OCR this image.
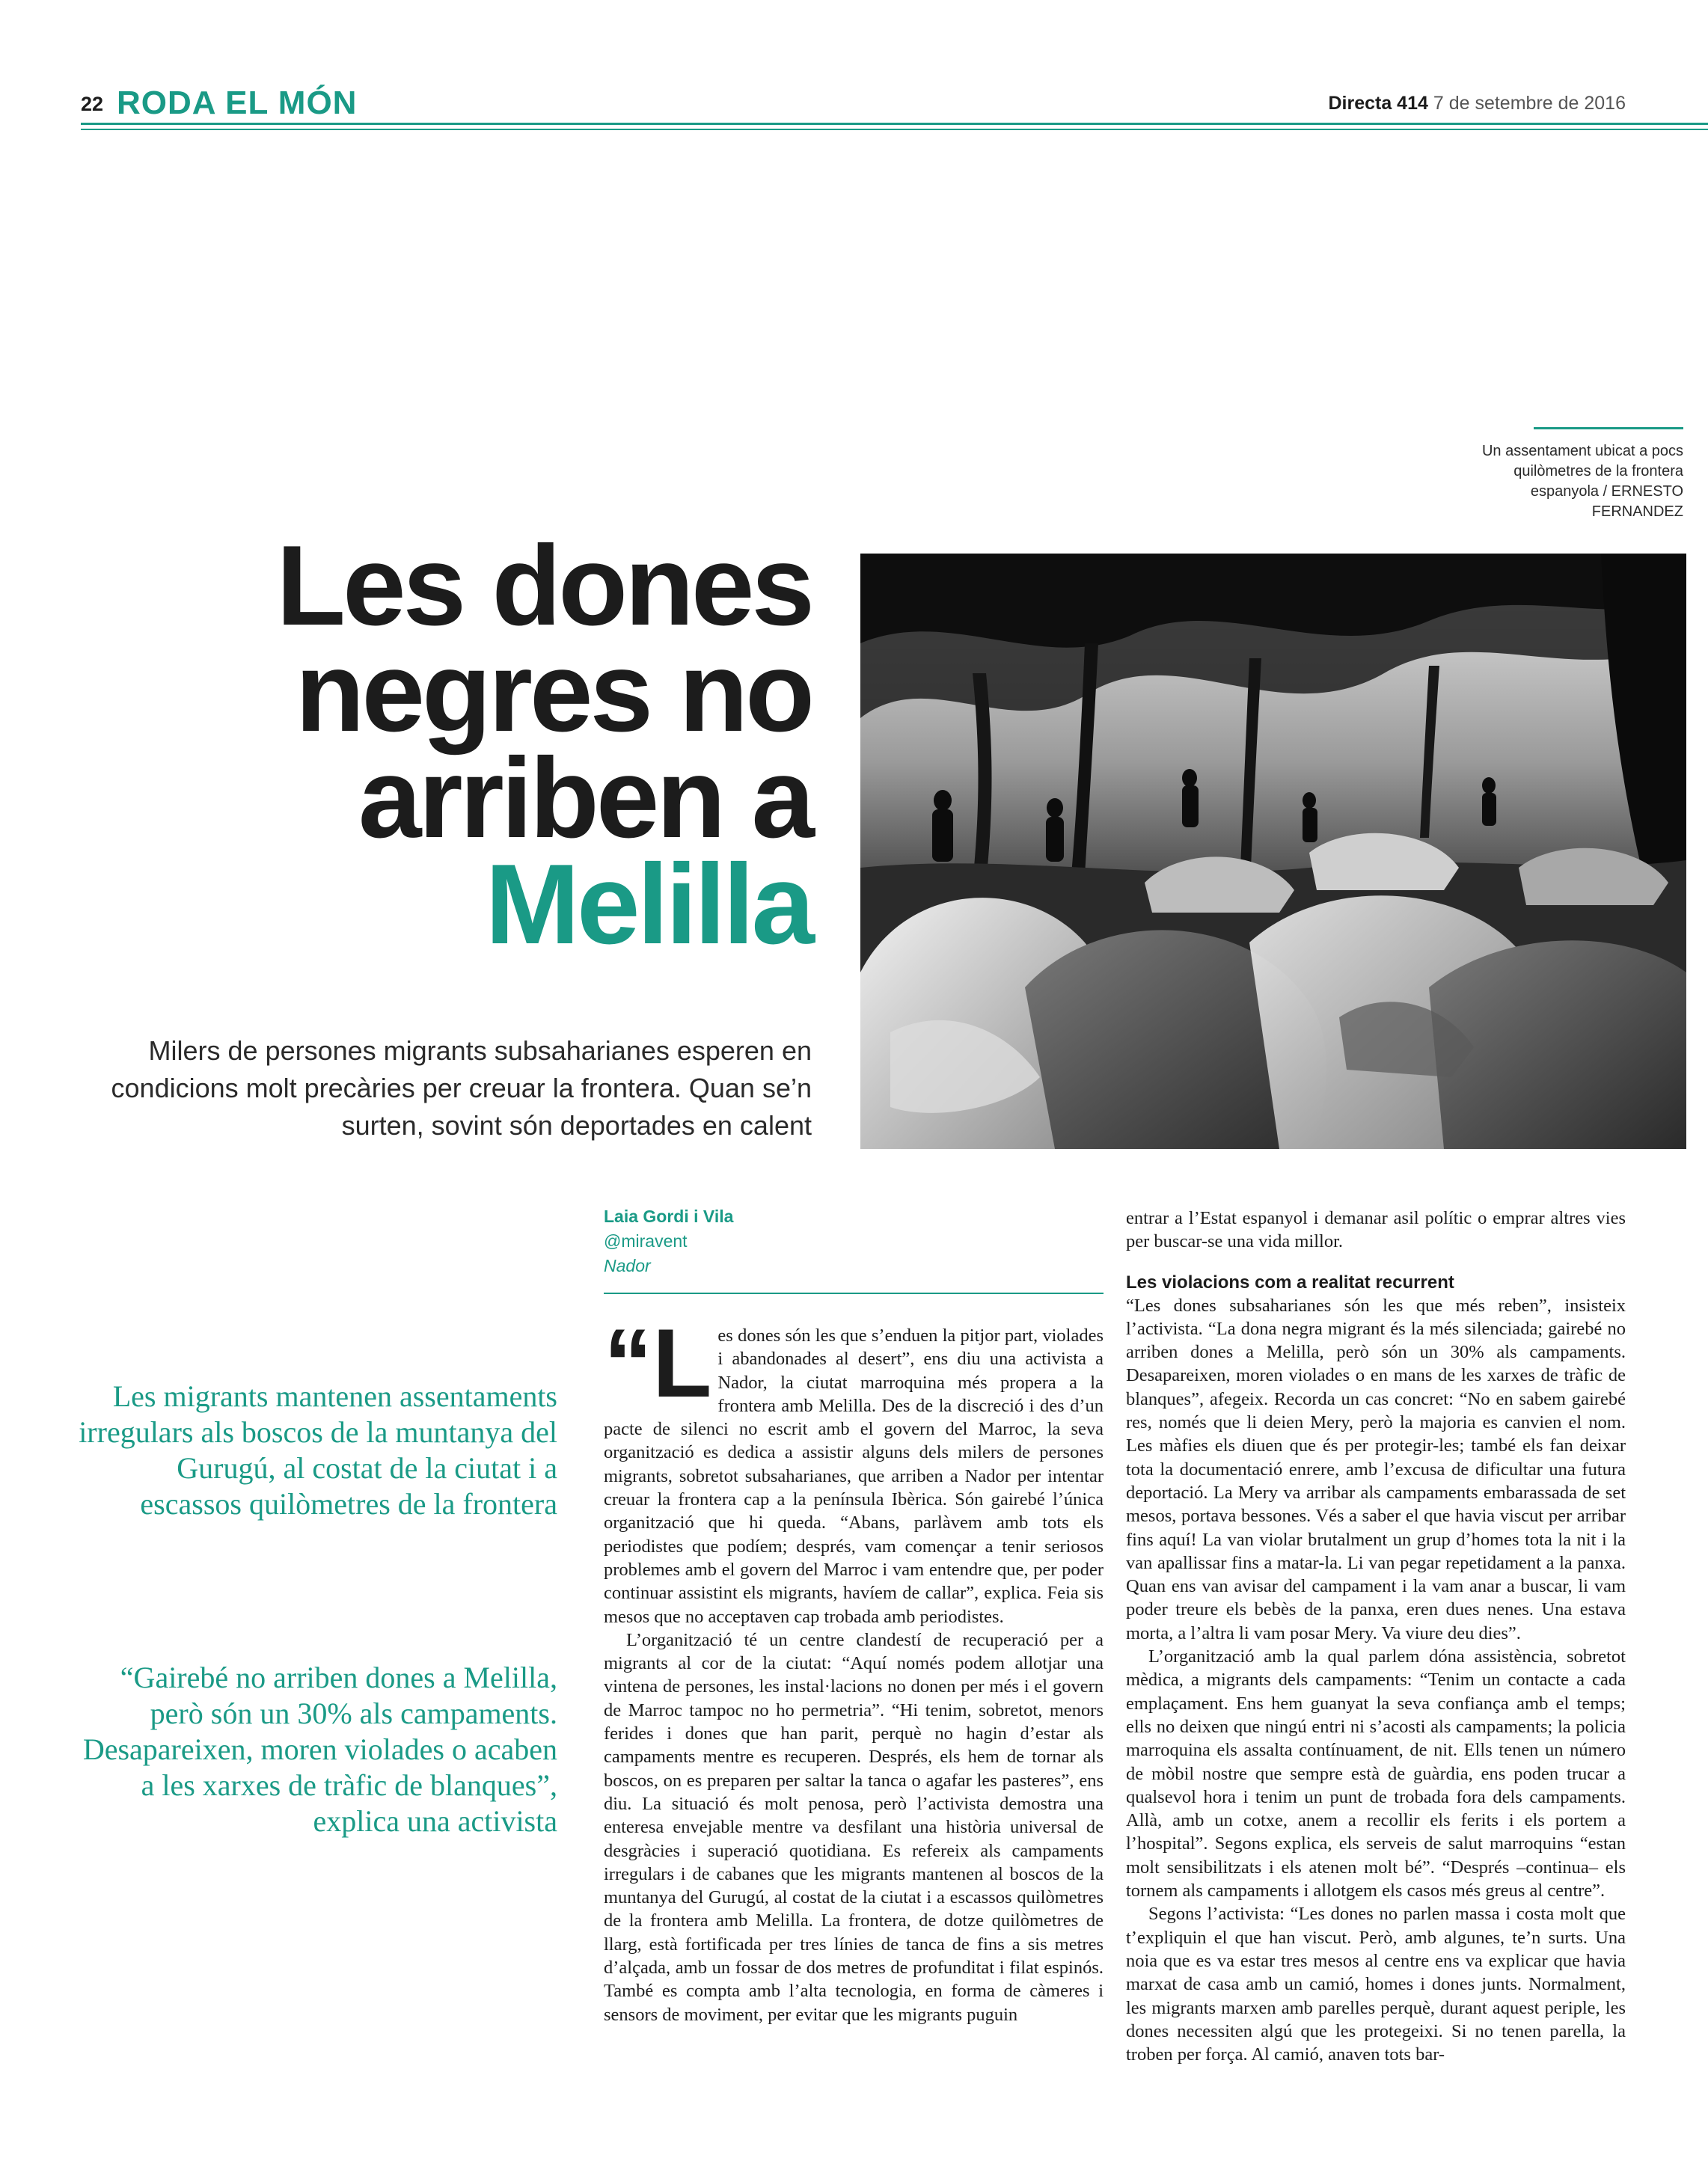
22 RODA EL MÓN	Directa 414 7 de setembre de 2016
Un assentament ubicat a pocs quilòmetres de la frontera espanyola / ERNESTO FERNANDEZ
Les dones
negres no
arriben a
Melilla
Milers de persones migrants subsaharianes esperen en condicions molt precàries per creuar la frontera. Quan se’n surten, sovint són deportades en calent
Laia Gordi i Vila
@miravent
Nador
Les migrants mantenen assentaments irregulars als boscos de la muntanya del Gurugú, al costat de la ciutat i a escassos quilòmetres de la frontera
“Gairebé no arriben dones a Melilla, però són un 30% als campaments. Desapareixen, moren violades o acaben a les xarxes de tràfic de blanques”, explica una activista

“Les dones són les que s’enduen la pitjor part, violades i abandonades al desert”, ens diu una activista a Nador, la ciutat marroquina més propera a la frontera amb Melilla. Des de la discreció i des d’un pacte de silenci no escrit amb el govern del Marroc, la seva organització es dedica a assistir alguns dels milers de persones migrants, sobretot subsaharianes, que arriben a Nador per intentar creuar la frontera cap a la península Ibèrica. Són gairebé l’única organització que hi queda. “Abans, parlàvem amb tots els periodistes que podíem; després, vam començar a tenir seriosos problemes amb el govern del Marroc i vam entendre que, per poder continuar assistint els migrants, havíem de callar”, explica. Feia sis mesos que no acceptaven cap trobada amb periodistes.

L’organització té un centre clandestí de recuperació per a migrants al cor de la ciutat: “Aquí només podem allotjar una vintena de persones, les instal·lacions no donen per més i el govern de Marroc tampoc no ho permetria”. “Hi tenim, sobretot, menors ferides i dones que han parit, perquè no hagin d’estar als campaments mentre es recuperen. Després, els hem de tornar als boscos, on es preparen per saltar la tanca o agafar les pasteres”, ens diu. La situació és molt penosa, però l’activista demostra una enteresa envejable mentre va desfilant una història universal de desgràcies i superació quotidiana. Es refereix als campaments irregulars i de cabanes que les migrants mantenen al boscos de la muntanya del Gurugú, al costat de la ciutat i a escassos quilòmetres de la frontera amb Melilla. La frontera, de dotze quilòmetres de llarg, està fortificada per tres línies de tanca de fins a sis metres d’alçada, amb un fossar de dos metres de profunditat i filat espinós. També es compta amb l’alta tecnologia, en forma de càmeres i sensors de moviment, per evitar que les migrants puguin

entrar a l’Estat espanyol i demanar asil polític o emprar altres vies per buscar-se una vida millor.

Les violacions com a realitat recurrent

“Les dones subsaharianes són les que més reben”, insisteix l’activista. “La dona negra migrant és la més silenciada; gairebé no arriben dones a Melilla, però són un 30% als campaments. Desapareixen, moren violades o en mans de les xarxes de tràfic de blanques”, afegeix. Recorda un cas concret: “No en sabem gairebé res, només que li deien Mery, però la majoria es canvien el nom. Les màfies els diuen que és per protegir-les; també els fan deixar tota la documentació enrere, amb l’excusa de dificultar una futura deportació. La Mery va arribar als campaments embarassada de set mesos, portava bessones. Vés a saber el que havia viscut per arribar fins aquí! La van violar brutalment un grup d’homes tota la nit i la van apallissar fins a matar-la. Li van pegar repetidament a la panxa. Quan ens van avisar del campament i la vam anar a buscar, li vam poder treure els bebès de la panxa, eren dues nenes. Una estava morta, a l’altra li vam posar Mery. Va viure deu dies”.

L’organització amb la qual parlem dóna assistència, sobretot mèdica, a migrants dels campaments: “Tenim un contacte a cada emplaçament. Ens hem guanyat la seva confiança amb el temps; ells no deixen que ningú entri ni s’acosti als campaments; la policia marroquina els assalta contínuament, de nit. Ells tenen un número de mòbil nostre que sempre està de guàrdia, ens poden trucar a qualsevol hora i tenim un punt de trobada fora dels campaments. Allà, amb un cotxe, anem a recollir els ferits i els portem a l’hospital”. Segons explica, els serveis de salut marroquins “estan molt sensibilitzats i els atenen molt bé”. “Després –continua– els tornem als campaments i allotgem els casos més greus al centre”.

Segons l’activista: “Les dones no parlen massa i costa molt que t’expliquin el que han viscut. Però, amb algunes, te’n surts. Una noia que es va estar tres mesos al centre ens va explicar que havia marxat de casa amb un camió, homes i dones junts. Normalment, les migrants marxen amb parelles perquè, durant aquest periple, les dones necessiten algú que les protegeixi. Si no tenen parella, la troben per força. Al camió, anaven tots bar-
